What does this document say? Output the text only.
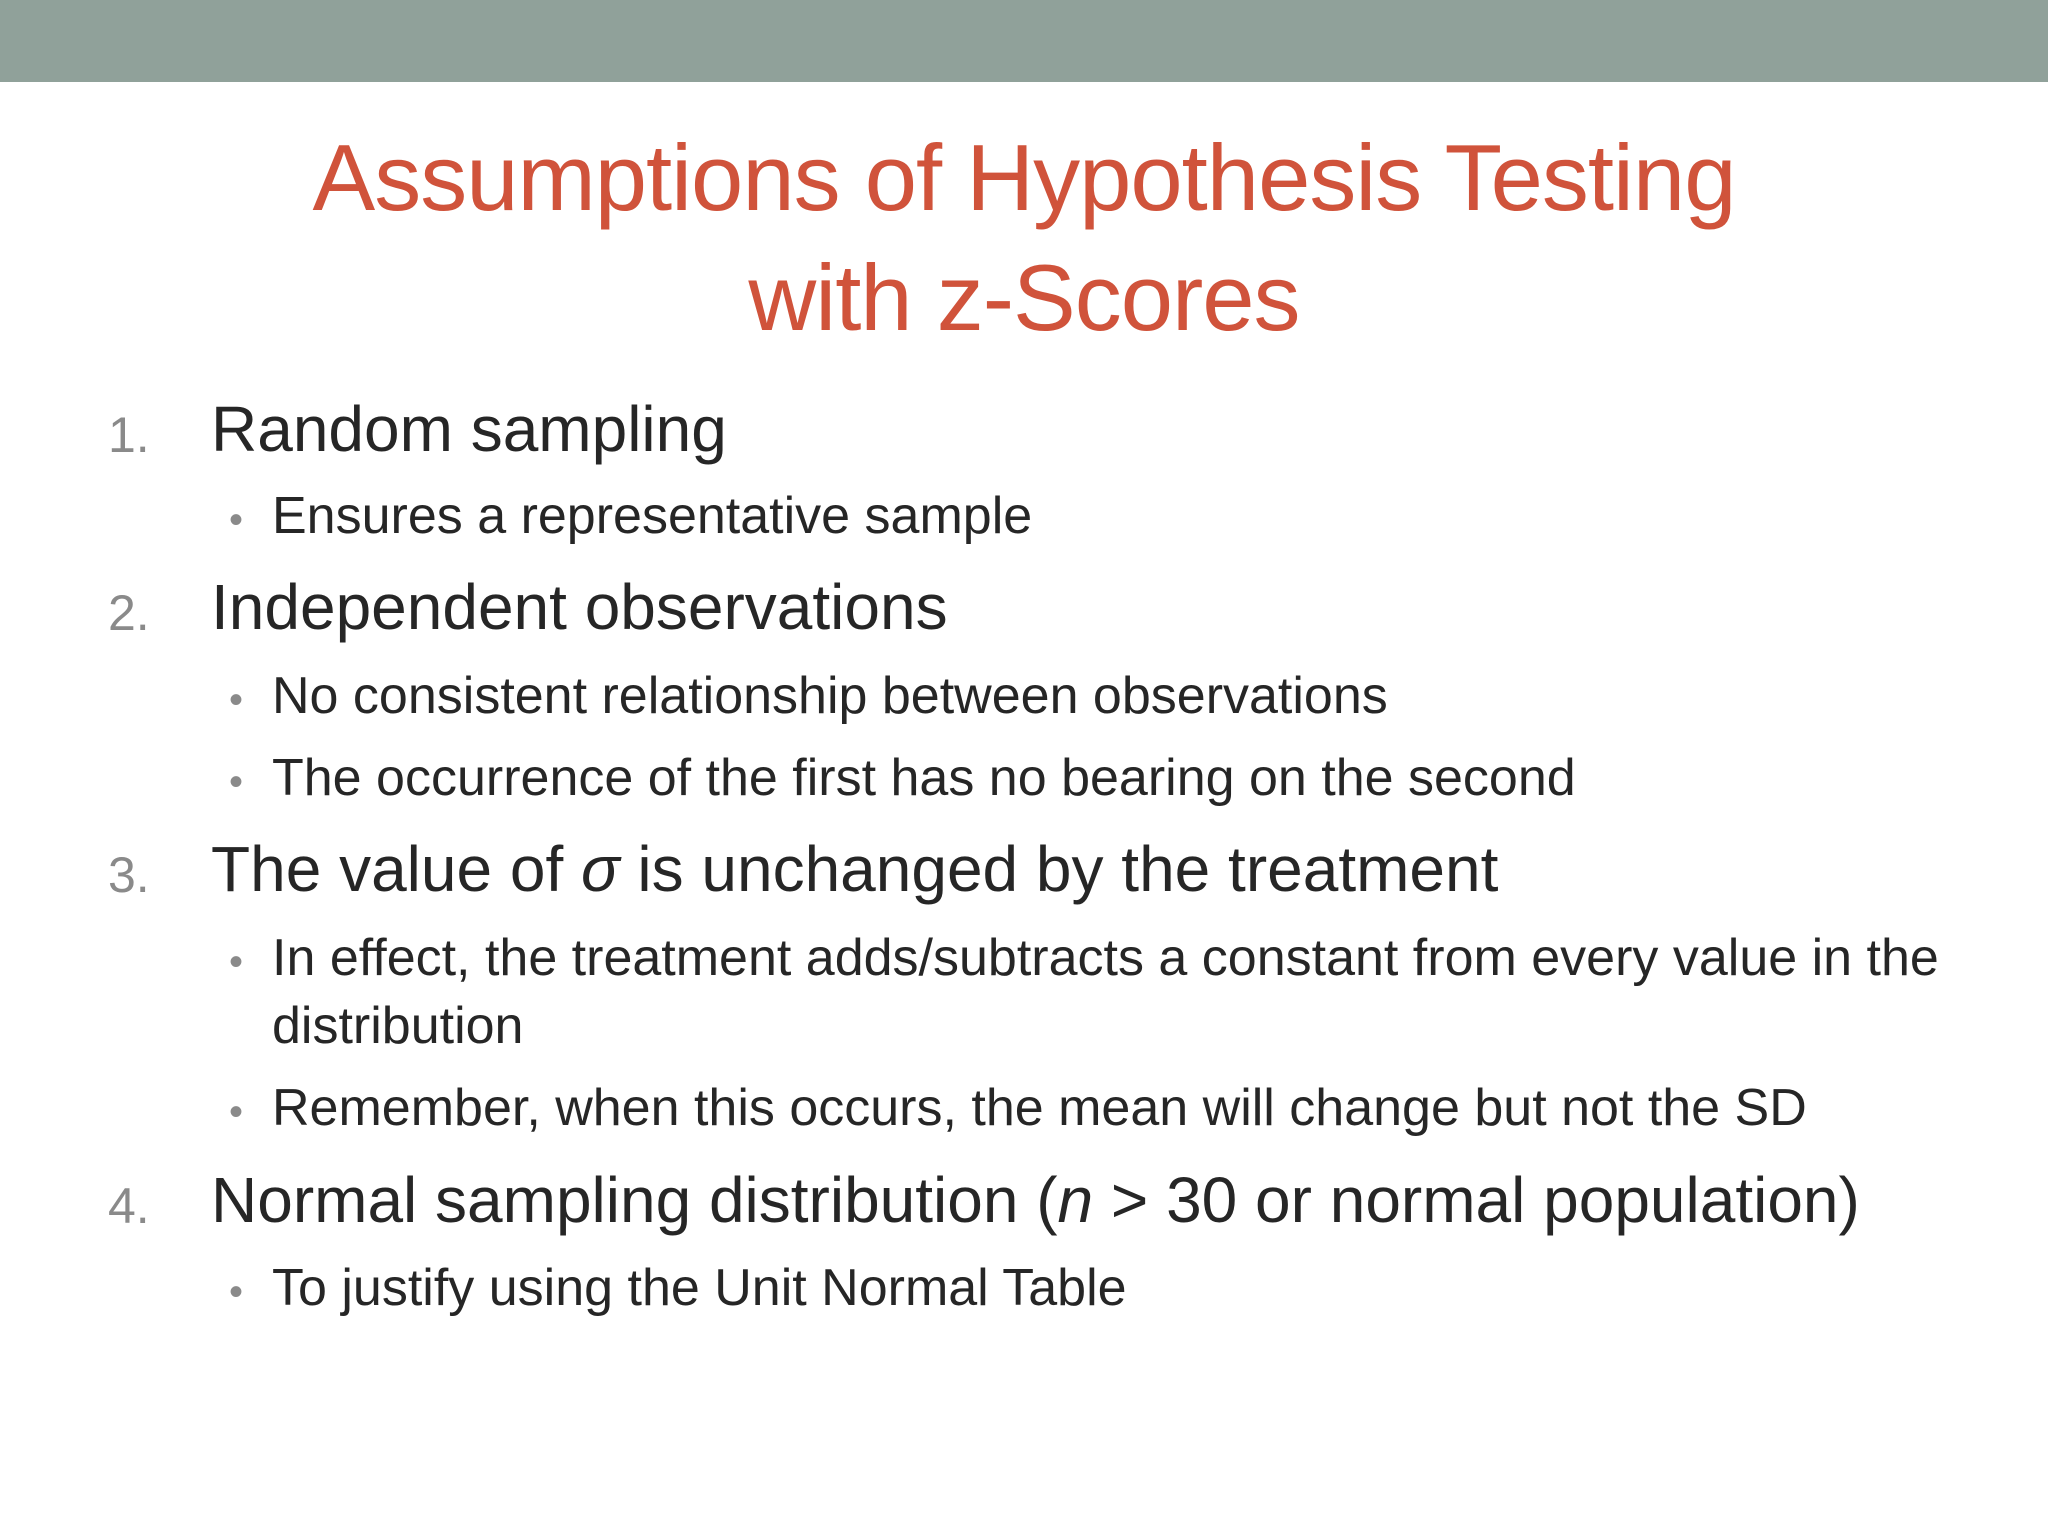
Assumptions of Hypothesis Testing
with z-Scores
1. Random sampling
• Ensures a representative sample
2. Independent observations
• No consistent relationship between observations
• The occurrence of the first has no bearing on the second
3. The value of σ is unchanged by the treatment
• In effect, the treatment adds/subtracts a constant from every value in the distribution
• Remember, when this occurs, the mean will change but not the SD
4. Normal sampling distribution (n > 30 or normal population)
• To justify using the Unit Normal Table
